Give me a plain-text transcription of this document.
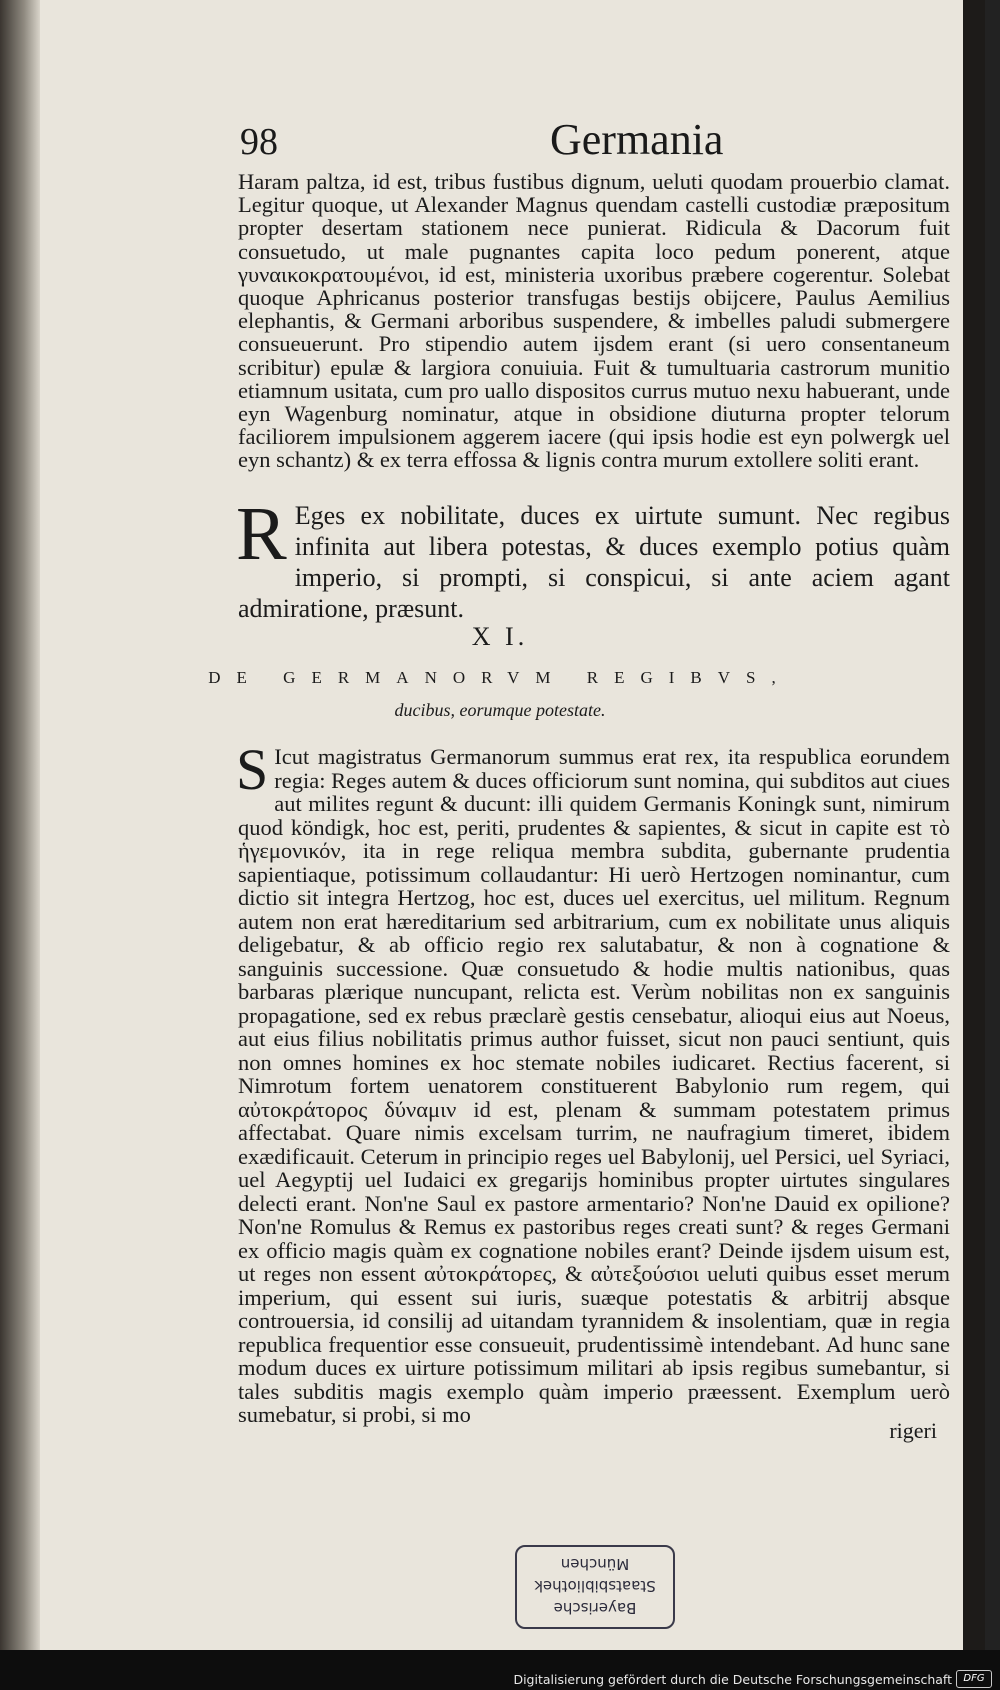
98	Germania

Haram paltza, id est, tribus fustibus dignum, ueluti quodam prouerbio clamat. Legitur quoque, ut Alexander Magnus quendam castelli custodiæ præpositum propter desertam stationem nece punierat. Ridicula & Dacorum fuit consuetudo, ut male pugnantes capita loco pedum ponerent, atque γυναικοκρατουμένοι, id est, ministeria uxoribus præbere cogerentur. Solebat quoque Aphricanus posterior transfugas bestijs obijcere, Paulus Aemilius elephantis, & Germani arboribus suspendere, & imbelles paludi submergere consueuerunt. Pro stipendio autem ijsdem erant (si uero consentaneum scribitur) epulæ & largiora conuiuia. Fuit & tumultuaria castrorum munitio etiamnum usitata, cum pro uallo dispositos currus mutuo nexu habuerant, unde eyn Wagenburg nominatur, atque in obsidione diuturna propter telorum faciliorem impulsionem aggerem iacere (qui ipsis hodie est eyn polwergk uel eyn schantz) & ex terra effossa & lignis contra murum extollere soliti erant.

R Eges ex nobilitate, duces ex uirtute sumunt. Nec regibus infinita aut libera potestas, & duces exemplo potius quàm imperio, si prompti, si conspicui, si ante aciem agant admiratione, præsunt.

X I.
DE GERMANORVM REGIBVS,
ducibus, eorumque potestate.
S Icut magistratus Germanorum summus erat rex, ita respublica eorundem regia: Reges autem & duces officiorum sunt nomina, qui subditos aut ciues aut milites regunt & ducunt: illi quidem Germanis Koningk sunt, nimirum quod köndigk, hoc est, periti, prudentes & sapientes, & sicut in capite est τὸ ἡγεμονικόν, ita in rege reliqua membra subdita, gubernante prudentia sapientiaque, potissimum collaudantur: Hi uerò Hertzogen nominantur, cum dictio sit integra Hertzog, hoc est, duces uel exercitus, uel militum. Regnum autem non erat hæreditarium sed arbitrarium, cum ex nobilitate unus aliquis deligebatur, & ab officio regio rex salutabatur, & non à cognatione & sanguinis successione. Quæ consuetudo & hodie multis nationibus, quas barbaras plærique nuncupant, relicta est. Verùm nobilitas non ex sanguinis propagatione, sed ex rebus præclarè gestis censebatur, alioqui eius aut Noeus, aut eius filius nobilitatis primus author fuisset, sicut non pauci sentiunt, quis non omnes homines ex hoc stemate nobiles iudicaret. Rectius facerent, si Nimrotum fortem uenatorem constituerent Babylonio rum regem, qui αὐτοκράτορος δύναμιν id est, plenam & summam potestatem primus affectabat. Quare nimis excelsam turrim, ne naufragium timeret, ibidem exædificauit. Ceterum in principio reges uel Babylonij, uel Persici, uel Syriaci, uel Aegyptij uel Iudaici ex gregarijs hominibus propter uirtutes singulares delecti erant. Non'ne Saul ex pastore armentario? Non'ne Dauid ex opilione? Non'ne Romulus & Remus ex pastoribus reges creati sunt? & reges Germani ex officio magis quàm ex cognatione nobiles erant? Deinde ijsdem uisum est, ut reges non essent αὐτοκράτορες, & αὐτεξούσιοι ueluti quibus esset merum imperium, qui essent sui iuris, suæque potestatis & arbitrij absque controuersia, id consilij ad uitandam tyrannidem & insolentiam, quæ in regia republica frequentior esse consueuit, prudentissimè intendebant. Ad hunc sane modum duces ex uirture potissimum militari ab ipsis regibus sumebantur, si tales subditis magis exemplo quàm imperio præessent. Exemplum uerò sumebatur, si probi, si mo

rigeri
Bayerische
Staatsbibliothek
München
Digitalisierung gefördert durch die Deutsche Forschungsgemeinschaft	DFG
